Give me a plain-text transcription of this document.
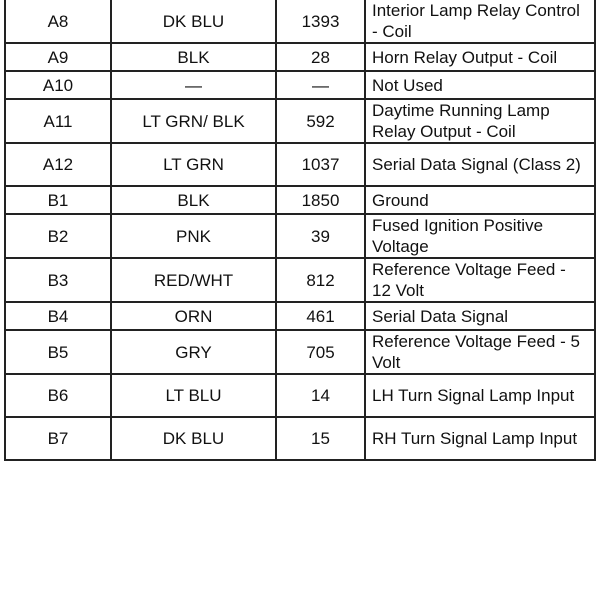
A8	DK BLU	1393	Interior Lamp Relay Control - Coil
A9	BLK	28	Horn Relay Output - Coil
A10	—	—	Not Used
A11	LT GRN/ BLK	592	Daytime Running Lamp Relay Output - Coil
A12	LT GRN	1037	Serial Data Signal (Class 2)
B1	BLK	1850	Ground
B2	PNK	39	Fused Ignition Positive Voltage
B3	RED/WHT	812	Reference Voltage Feed - 12 Volt
B4	ORN	461	Serial Data Signal
B5	GRY	705	Reference Voltage Feed - 5 Volt
B6	LT BLU	14	LH Turn Signal Lamp Input
B7	DK BLU	15	RH Turn Signal Lamp Input
